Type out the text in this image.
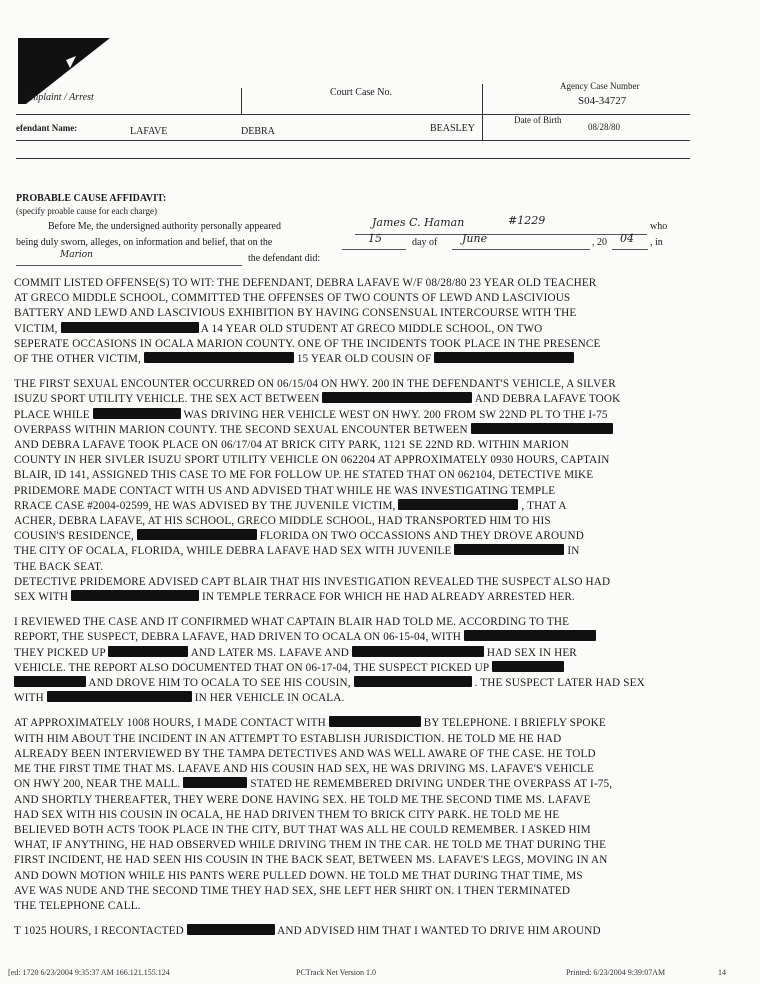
omplaint / Arrest	Court Case No.
Agency Case Number
S04-34727
efendant Name:	LAFAVE	DEBRA	BEASLEY
Date of Birth
08/28/80
PROBABLE CAUSE AFFIDAVIT:
(specify proable cause for each charge)
Before Me, the undersigned authority personally appeared	James C. Haman	#1229	who
being duly sworn, alleges, on information and belief, that on the	15	day of June	, 20 04 , in
Marion	the defendant did:

COMMIT LISTED OFFENSE(S) TO WIT: THE DEFENDANT, DEBRA LAFAVE W/F 08/28/80 23 YEAR OLD TEACHER
AT GRECO MIDDLE SCHOOL, COMMITTED THE OFFENSES OF TWO COUNTS OF LEWD AND LASCIVIOUS
BATTERY AND LEWD AND LASCIVIOUS EXHIBITION BY HAVING CONSENSUAL INTERCOURSE WITH THE
VICTIM,	A 14 YEAR OLD STUDENT AT GRECO MIDDLE SCHOOL, ON TWO
SEPERATE OCCASIONS IN OCALA MARION COUNTY. ONE OF THE INCIDENTS TOOK PLACE IN THE PRESENCE
OF THE OTHER VICTIM,	15 YEAR OLD COUSIN OF

THE FIRST SEXUAL ENCOUNTER OCCURRED ON 06/15/04 ON HWY. 200 IN THE DEFENDANT'S VEHICLE, A SILVER
ISUZU SPORT UTILITY VEHICLE. THE SEX ACT BETWEEN	AND DEBRA LAFAVE TOOK
PLACE WHILE	WAS DRIVING HER VEHICLE WEST ON HWY. 200 FROM SW 22ND PL TO THE I-75
OVERPASS WITHIN MARION COUNTY. THE SECOND SEXUAL ENCOUNTER BETWEEN
AND DEBRA LAFAVE TOOK PLACE ON 06/17/04 AT BRICK CITY PARK, 1121 SE 22ND RD. WITHIN MARION
COUNTY IN HER SIVLER ISUZU SPORT UTILITY VEHICLE ON 062204 AT APPROXIMATELY 0930 HOURS, CAPTAIN
BLAIR, ID 141, ASSIGNED THIS CASE TO ME FOR FOLLOW UP. HE STATED THAT ON 062104, DETECTIVE MIKE
PRIDEMORE MADE CONTACT WITH US AND ADVISED THAT WHILE HE WAS INVESTIGATING TEMPLE
RRACE CASE #2004-02599, HE WAS ADVISED BY THE JUVENILE VICTIM,	, THAT A
ACHER, DEBRA LAFAVE, AT HIS SCHOOL, GRECO MIDDLE SCHOOL, HAD TRANSPORTED HIM TO HIS
COUSIN'S RESIDENCE,	FLORIDA ON TWO OCCASSIONS AND THEY DROVE AROUND
THE CITY OF OCALA, FLORIDA, WHILE DEBRA LAFAVE HAD SEX WITH JUVENILE	IN
THE BACK SEAT.
DETECTIVE PRIDEMORE ADVISED CAPT BLAIR THAT HIS INVESTIGATION REVEALED THE SUSPECT ALSO HAD
SEX WITH	IN TEMPLE TERRACE FOR WHICH HE HAD ALREADY ARRESTED HER.

I REVIEWED THE CASE AND IT CONFIRMED WHAT CAPTAIN BLAIR HAD TOLD ME. ACCORDING TO THE
REPORT, THE SUSPECT, DEBRA LAFAVE, HAD DRIVEN TO OCALA ON 06-15-04, WITH
THEY PICKED UP	AND LATER MS. LAFAVE AND	HAD SEX IN HER
VEHICLE. THE REPORT ALSO DOCUMENTED THAT ON 06-17-04, THE SUSPECT PICKED UP
AND DROVE HIM TO OCALA TO SEE HIS COUSIN,	. THE SUSPECT LATER HAD SEX
WITH	IN HER VEHICLE IN OCALA.

AT APPROXIMATELY 1008 HOURS, I MADE CONTACT WITH	BY TELEPHONE. I BRIEFLY SPOKE
WITH HIM ABOUT THE INCIDENT IN AN ATTEMPT TO ESTABLISH JURISDICTION. HE TOLD ME HE HAD
ALREADY BEEN INTERVIEWED BY THE TAMPA DETECTIVES AND WAS WELL AWARE OF THE CASE. HE TOLD
ME THE FIRST TIME THAT MS. LAFAVE AND HIS COUSIN HAD SEX, HE WAS DRIVING MS. LAFAVE'S VEHICLE
ON HWY 200, NEAR THE MALL.	STATED HE REMEMBERED DRIVING UNDER THE OVERPASS AT I-75,
AND SHORTLY THEREAFTER, THEY WERE DONE HAVING SEX. HE TOLD ME THE SECOND TIME MS. LAFAVE
HAD SEX WITH HIS COUSIN IN OCALA, HE HAD DRIVEN THEM TO BRICK CITY PARK. HE TOLD ME HE
BELIEVED BOTH ACTS TOOK PLACE IN THE CITY, BUT THAT WAS ALL HE COULD REMEMBER. I ASKED HIM
WHAT, IF ANYTHING, HE HAD OBSERVED WHILE DRIVING THEM IN THE CAR. HE TOLD ME THAT DURING THE
FIRST INCIDENT, HE HAD SEEN HIS COUSIN IN THE BACK SEAT, BETWEEN MS. LAFAVE'S LEGS, MOVING IN AN
AND DOWN MOTION WHILE HIS PANTS WERE PULLED DOWN. HE TOLD ME THAT DURING THAT TIME, MS
AVE WAS NUDE AND THE SECOND TIME THEY HAD SEX, SHE LEFT HER SHIRT ON. I THEN TERMINATED
THE TELEPHONE CALL.

T 1025 HOURS, I RECONTACTED	AND ADVISED HIM THAT I WANTED TO DRIVE HIM AROUND

[ed: 1720 6/23/2004 9:35:37 AM 166.121.155.124	PCTrack Net Version 1.0	Printed: 6/23/2004 9:39:07AM	14
